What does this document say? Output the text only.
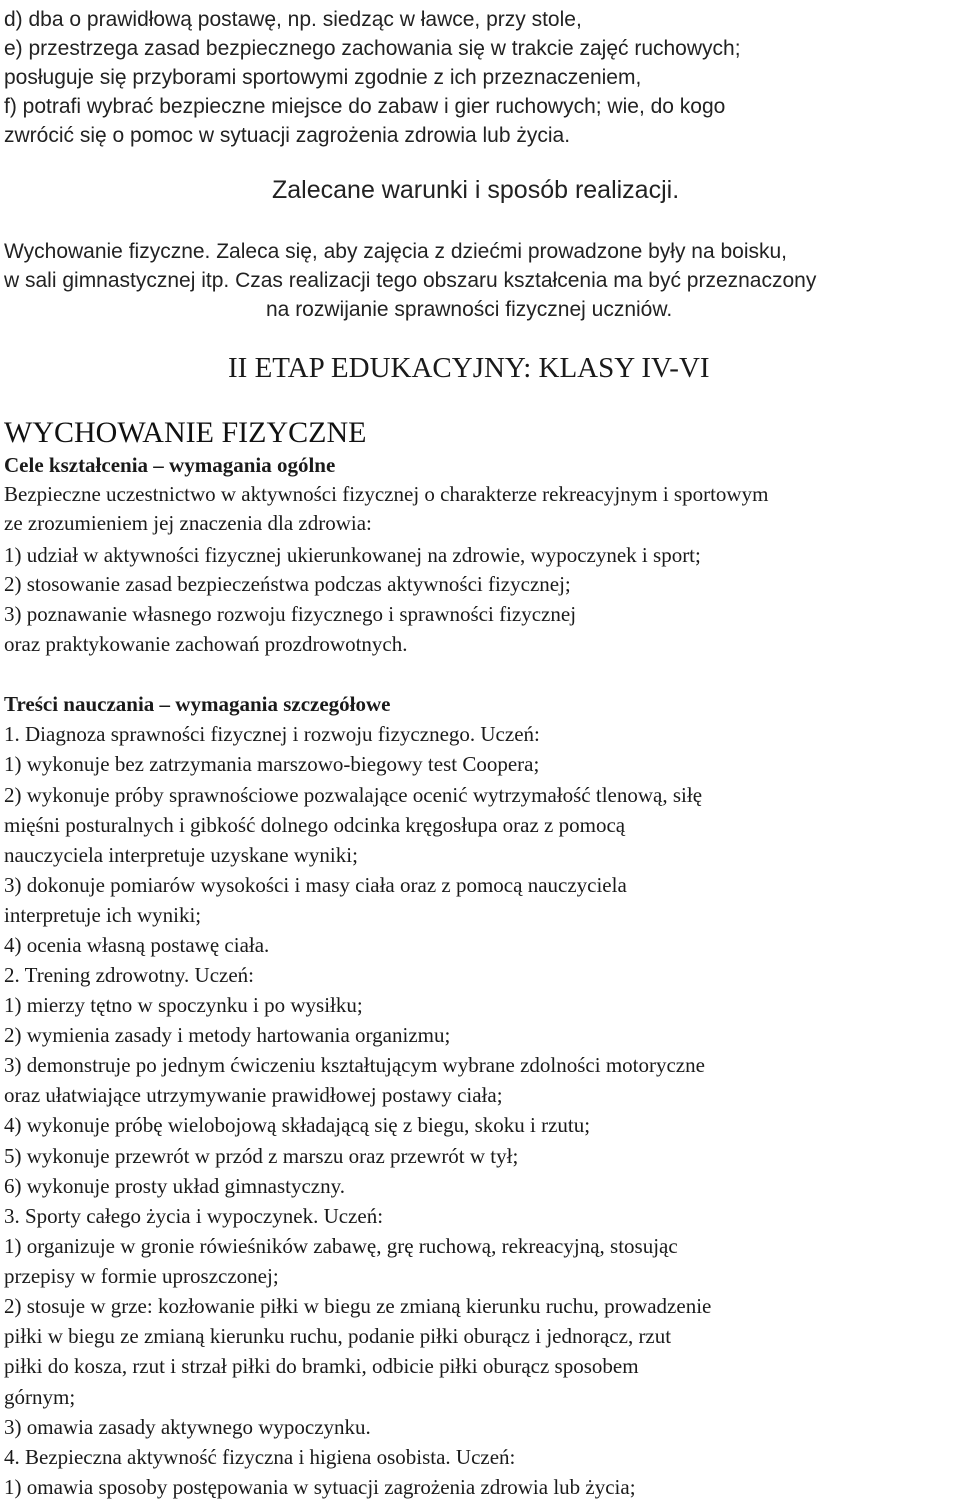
d) dba o prawidłową postawę, np. siedząc w ławce, przy stole,
e) przestrzega zasad bezpiecznego zachowania się w trakcie zajęć ruchowych;
posługuje się przyborami sportowymi zgodnie z ich przeznaczeniem,
f) potrafi wybrać bezpieczne miejsce do zabaw i gier ruchowych; wie, do kogo
zwrócić się o pomoc w sytuacji zagrożenia zdrowia lub życia.
Zalecane warunki i sposób realizacji.
Wychowanie fizyczne. Zaleca się, aby zajęcia z dziećmi prowadzone były na boisku,
w sali gimnastycznej itp. Czas realizacji tego obszaru kształcenia ma być przeznaczony
na rozwijanie sprawności fizycznej uczniów.
II ETAP EDUKACYJNY: KLASY IV-VI
WYCHOWANIE FIZYCZNE
Cele kształcenia – wymagania ogólne
Bezpieczne uczestnictwo w aktywności fizycznej o charakterze rekreacyjnym i sportowym
ze zrozumieniem jej znaczenia dla zdrowia:
1) udział w aktywności fizycznej ukierunkowanej na zdrowie, wypoczynek i sport;
2) stosowanie zasad bezpieczeństwa podczas aktywności fizycznej;
3) poznawanie własnego rozwoju fizycznego i sprawności fizycznej
oraz praktykowanie zachowań prozdrowotnych.
Treści nauczania – wymagania szczegółowe
1. Diagnoza sprawności fizycznej i rozwoju fizycznego. Uczeń:
1) wykonuje bez zatrzymania marszowo-biegowy test Coopera;
2) wykonuje próby sprawnościowe pozwalające ocenić wytrzymałość tlenową, siłę
mięśni posturalnych i gibkość dolnego odcinka kręgosłupa oraz z pomocą
nauczyciela interpretuje uzyskane wyniki;
3) dokonuje pomiarów wysokości i masy ciała oraz z pomocą nauczyciela
interpretuje ich wyniki;
4) ocenia własną postawę ciała.
2. Trening zdrowotny. Uczeń:
1) mierzy tętno w spoczynku i po wysiłku;
2) wymienia zasady i metody hartowania organizmu;
3) demonstruje po jednym ćwiczeniu kształtującym wybrane zdolności motoryczne
oraz ułatwiające utrzymywanie prawidłowej postawy ciała;
4) wykonuje próbę wielobojową składającą się z biegu, skoku i rzutu;
5) wykonuje przewrót w przód z marszu oraz przewrót w tył;
6) wykonuje prosty układ gimnastyczny.
3. Sporty całego życia i wypoczynek. Uczeń:
1) organizuje w gronie rówieśników zabawę, grę ruchową, rekreacyjną, stosując
przepisy w formie uproszczonej;
2) stosuje w grze: kozłowanie piłki w biegu ze zmianą kierunku ruchu, prowadzenie
piłki w biegu ze zmianą kierunku ruchu, podanie piłki oburącz i jednorącz, rzut
piłki do kosza, rzut i strzał piłki do bramki, odbicie piłki oburącz sposobem
górnym;
3) omawia zasady aktywnego wypoczynku.
4. Bezpieczna aktywność fizyczna i higiena osobista. Uczeń:
1) omawia sposoby postępowania w sytuacji zagrożenia zdrowia lub życia;
